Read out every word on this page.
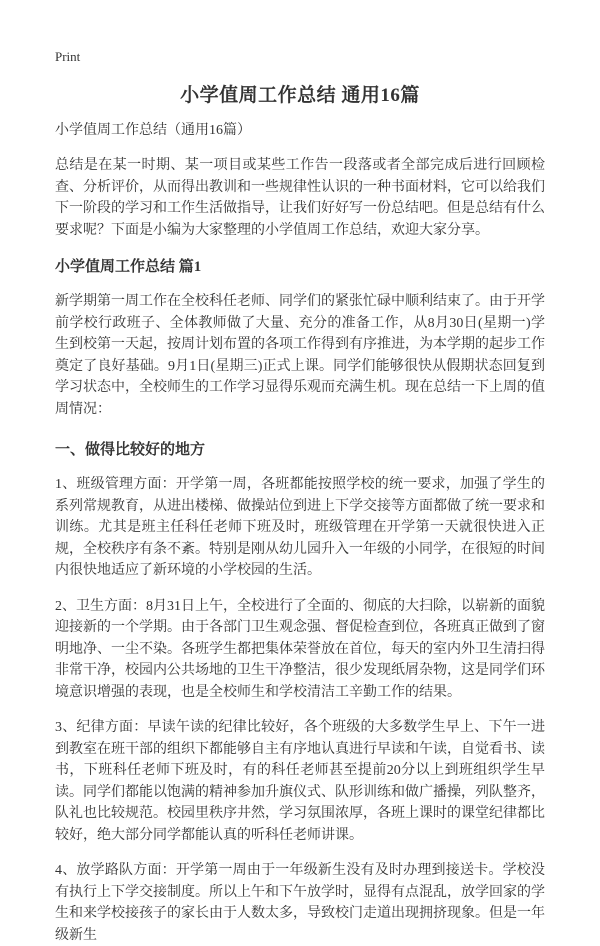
Print
小学值周工作总结 通用16篇

小学值周工作总结（通用16篇）

总结是在某一时期、某一项目或某些工作告一段落或者全部完成后进行回顾检查、分析评价，从而得出教训和一些规律性认识的一种书面材料，它可以给我们下一阶段的学习和工作生活做指导，让我们好好写一份总结吧。但是总结有什么要求呢？下面是小编为大家整理的小学值周工作总结，欢迎大家分享。

小学值周工作总结 篇1

新学期第一周工作在全校科任老师、同学们的紧张忙碌中顺利结束了。由于开学前学校行政班子、全体教师做了大量、充分的准备工作，从8月30日(星期一)学生到校第一天起，按周计划布置的各项工作得到有序推进，为本学期的起步工作奠定了良好基础。9月1日(星期三)正式上课。同学们能够很快从假期状态回复到学习状态中，全校师生的工作学习显得乐观而充满生机。现在总结一下上周的值周情况：

一、做得比较好的地方

1、班级管理方面：开学第一周，各班都能按照学校的统一要求，加强了学生的系列常规教育，从进出楼梯、做操站位到进上下学交接等方面都做了统一要求和训练。尤其是班主任科任老师下班及时，班级管理在开学第一天就很快进入正规，全校秩序有条不紊。特别是刚从幼儿园升入一年级的小同学，在很短的时间内很快地适应了新环境的小学校园的生活。

2、卫生方面：8月31日上午，全校进行了全面的、彻底的大扫除，以崭新的面貌迎接新的一个学期。由于各部门卫生观念强、督促检查到位，各班真正做到了窗明地净、一尘不染。各班学生都把集体荣誉放在首位，每天的室内外卫生清扫得非常干净，校园内公共场地的卫生干净整洁，很少发现纸屑杂物，这是同学们环境意识增强的表现，也是全校师生和学校清洁工辛勤工作的结果。

3、纪律方面：早读午读的纪律比较好，各个班级的大多数学生早上、下午一进到教室在班干部的组织下都能够自主有序地认真进行早读和午读，自觉看书、读书，下班科任老师下班及时，有的科任老师甚至提前20分以上到班组织学生早读。同学们都能以饱满的精神参加升旗仪式、队形训练和做广播操，列队整齐，队礼也比较规范。校园里秩序井然，学习氛围浓厚，各班上课时的课堂纪律都比较好，绝大部分同学都能认真的听科任老师讲课。

4、放学路队方面：开学第一周由于一年级新生没有及时办理到接送卡。学校没有执行上下学交接制度。所以上午和下午放学时，显得有点混乱，放学回家的学生和来学校接孩子的家长由于人数太多，导致校门走道出现拥挤现象。但是一年级新生
